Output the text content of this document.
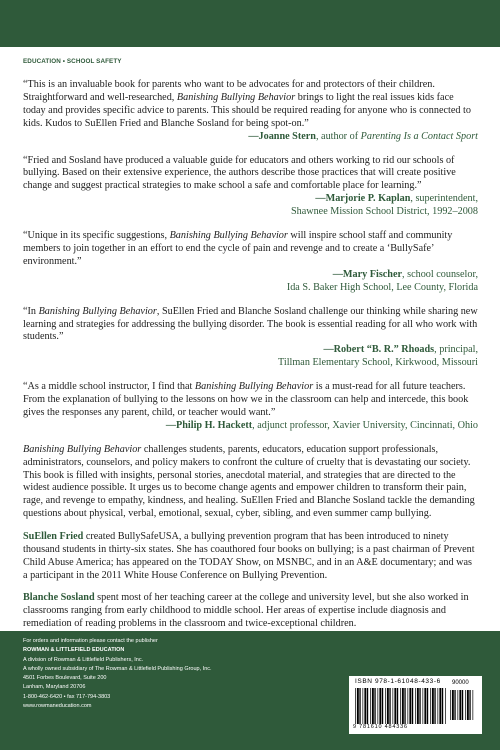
EDUCATION • SCHOOL SAFETY

“This is an invaluable book for parents who want to be advocates for and protectors of their children. Straightforward and well-researched, Banishing Bullying Behavior brings to light the real issues kids face today and provides specific advice to parents. This should be required reading for anyone who is connected to kids. Kudos to SuEllen Fried and Blanche Sosland for being spot-on.”
—Joanne Stern, author of Parenting Is a Contact Sport

“Fried and Sosland have produced a valuable guide for educators and others working to rid our schools of bullying. Based on their extensive experience, the authors describe those practices that will create positive change and suggest practical strategies to make school a safe and comfortable place for learning.”
—Marjorie P. Kaplan, superintendent,
Shawnee Mission School District, 1992–2008

“Unique in its specific suggestions, Banishing Bullying Behavior will inspire school staff and community members to join together in an effort to end the cycle of pain and revenge and to create a ‘BullySafe’ environment.”
—Mary Fischer, school counselor,
Ida S. Baker High School, Lee County, Florida

“In Banishing Bullying Behavior, SuEllen Fried and Blanche Sosland challenge our thinking while sharing new learning and strategies for addressing the bullying disorder. The book is essential reading for all who work with students.”
—Robert “B. R.” Rhoads, principal,
Tillman Elementary School, Kirkwood, Missouri

“As a middle school instructor, I find that Banishing Bullying Behavior is a must-read for all future teachers. From the explanation of bullying to the lessons on how we in the classroom can help and intercede, this book gives the responses any parent, child, or teacher would want.”
—Philip H. Hackett, adjunct professor, Xavier University, Cincinnati, Ohio

Banishing Bullying Behavior challenges students, parents, educators, education support professionals, administrators, counselors, and policy makers to confront the culture of cruelty that is devastating our society. This book is filled with insights, personal stories, anecdotal material, and strategies that are directed to the widest audience possible. It urges us to become change agents and empower children to transform their pain, rage, and revenge to empathy, kindness, and healing. SuEllen Fried and Blanche Sosland tackle the demanding questions about physical, verbal, emotional, sexual, cyber, sibling, and even summer camp bullying.

SuEllen Fried created BullySafeUSA, a bullying prevention program that has been introduced to ninety thousand students in thirty-six states. She has coauthored four books on bullying; is a past chairman of Prevent Child Abuse America; has appeared on the TODAY Show, on MSNBC, and in an A&E documentary; and was a participant in the 2011 White House Conference on Bullying Prevention.

Blanche Sosland spent most of her teaching career at the college and university level, but she also worked in classrooms ranging from early childhood to middle school. Her areas of expertise include diagnosis and remediation of reading problems in the classroom and twice-exceptional children.

For orders and information please contact the publisher
ROWMAN & LITTLEFIELD EDUCATION
A division of Rowman & Littlefield Publishers, Inc.
A wholly owned subsidiary of The Rowman & Littlefield Publishing Group, Inc.
4501 Forbes Boulevard, Suite 200
Lanham, Maryland 20706
1-800-462-6420 • fax 717-794-3803
www.rowmaneducation.com
ISBN 978-1-61048-433-6 90000
9 781610 484336
